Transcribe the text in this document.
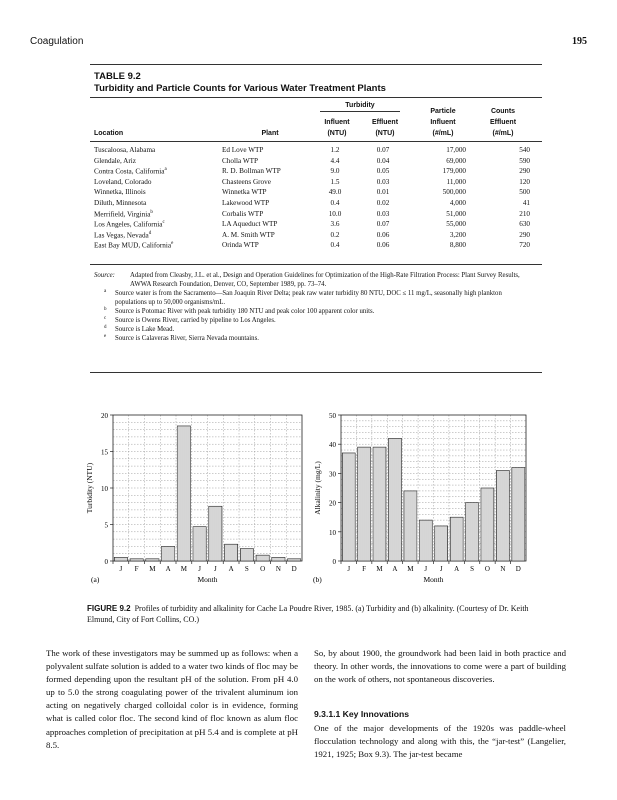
Coagulation	195
TABLE 9.2
Turbidity and Particle Counts for Various Water Treatment Plants
Turbidity
Particle	Counts
Influent	Effluent	Influent	Effluent
Location	Plant	(NTU)	(NTU)	(#/mL)	(#/mL)
Tuscaloosa, Alabama	Ed Love WTP	1.2	0.07	17,000	540
Glendale, Ariz	Cholla WTP	4.4	0.04	69,000	590
Contra Costa, California$^a$	R. D. Bollman WTP	9.0	0.05	179,000	290
Loveland, Colorado	Chasteens Grove	1.5	0.03	11,000	120
Winnetka, Illinois	Winnetka WTP	49.0	0.01	500,000	500
Diluth, Minnesota	Lakewood WTP	0.4	0.02	4,000	41
Merrifield, Virginia$^b$	Corbalis WTP	10.0	0.03	51,000	210
Los Angeles, California$^c$	LA Aqueduct WTP	3.6	0.07	55,000	630
Las Vegas, Nevada$^d$	A. M. Smith WTP	0.2	0.06	3,200	290
East Bay MUD, California$^e$	Orinda WTP	0.4	0.06	8,800	720
Source: Adapted from Cleasby, J.L. et al., Design and Operation Guidelines for Optimization of the High-Rate Filtration Process: Plant Survey Results, AWWA Research Foundation, Denver, CO, September 1989, pp. 73–74.
a Source water is from the Sacramento—San Joaquin River Delta; peak raw water turbidity 80 NTU, DOC ≤ 11 mg/L, seasonally high plankton populations up to 50,000 organisms/mL.
b Source is Potomac River with peak turbidity 180 NTU and peak color 100 apparent color units.
c Source is Owens River, carried by pipeline to Los Angeles.
d Source is Lake Mead.
e Source is Calaveras River, Sierra Nevada mountains.
0
5
10
15
20
J F M A M J J A S O N D
Month
Turbidity (NTU)
(a)
0
10
20
30
40
50
J F M A M J J A S O N D
Month
Alkalinity (mg/L)
(b)
FIGURE 9.2 Profiles of turbidity and alkalinity for Cache La Poudre River, 1985. (a) Turbidity and (b) alkalinity. (Courtesy of Dr. Keith Elmund, City of Fort Collins, CO.)
The work of these investigators may be summed up as follows: when a polyvalent sulfate solution is added to a water two kinds of floc may be formed depending upon the resultant pH of the solution. From pH 4.0 up to 5.0 the strong coagulating power of the trivalent aluminum ion acting on negatively charged colloidal color is in evidence, forming what is called color floc. The second kind of floc known as alum floc approaches completion of precipitation at pH 5.4 and is complete at pH 8.5.
So, by about 1900, the groundwork had been laid in both practice and theory. In other words, the innovations to come were a part of building on the work of others, not spontaneous discoveries.
9.3.1.1 Key Innovations
One of the major developments of the 1920s was paddle-wheel flocculation technology and along with this, the “jar-test” (Langelier, 1921, 1925; Box 9.3). The jar-test became
